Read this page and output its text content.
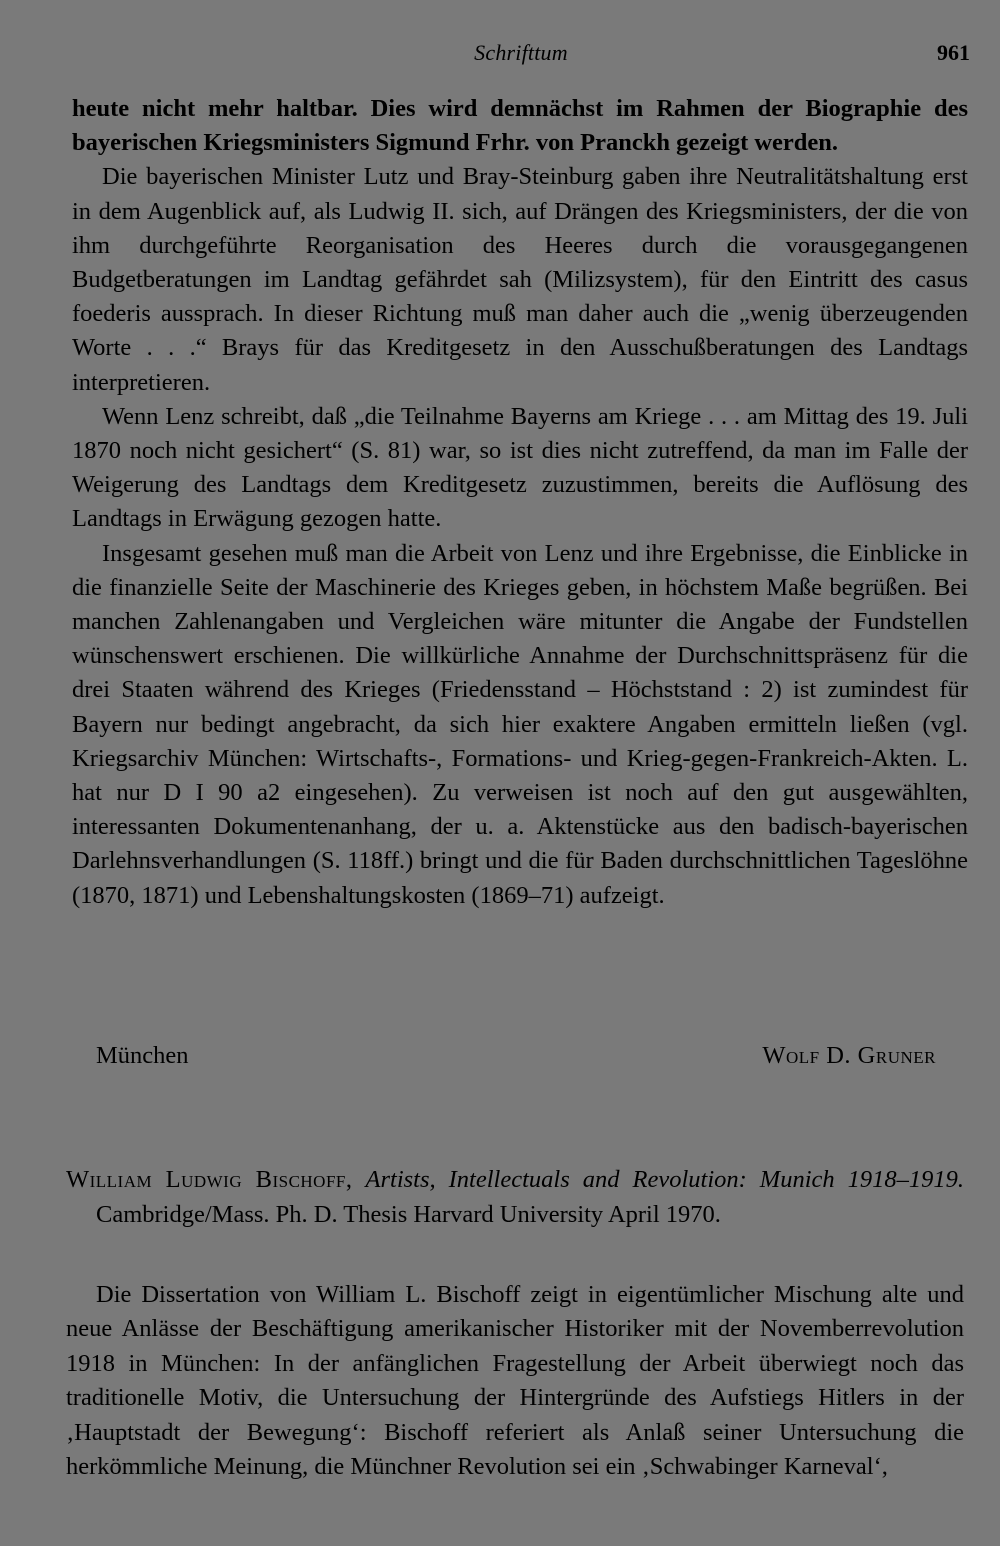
Schrifttum	961

heute nicht mehr haltbar. Dies wird demnächst im Rahmen der Biographie des bayerischen Kriegsministers Sigmund Frhr. von Pranckh gezeigt werden.

Die bayerischen Minister Lutz und Bray-Steinburg gaben ihre Neutralitätshaltung erst in dem Augenblick auf, als Ludwig II. sich, auf Drängen des Kriegsministers, der die von ihm durchgeführte Reorganisation des Heeres durch die vorausgegangenen Budgetberatungen im Landtag gefährdet sah (Milizsystem), für den Eintritt des casus foederis aussprach. In dieser Richtung muß man daher auch die „wenig überzeugenden Worte . . .“ Brays für das Kreditgesetz in den Ausschußberatungen des Landtags interpretieren.

Wenn Lenz schreibt, daß „die Teilnahme Bayerns am Kriege . . . am Mittag des 19. Juli 1870 noch nicht gesichert“ (S. 81) war, so ist dies nicht zutreffend, da man im Falle der Weigerung des Landtags dem Kreditgesetz zuzustimmen, bereits die Auflösung des Landtags in Erwägung gezogen hatte.

Insgesamt gesehen muß man die Arbeit von Lenz und ihre Ergebnisse, die Einblicke in die finanzielle Seite der Maschinerie des Krieges geben, in höchstem Maße begrüßen. Bei manchen Zahlenangaben und Vergleichen wäre mitunter die Angabe der Fundstellen wünschenswert erschienen. Die willkürliche Annahme der Durchschnittspräsenz für die drei Staaten während des Krieges (Friedensstand – Höchststand : 2) ist zumindest für Bayern nur bedingt angebracht, da sich hier exaktere Angaben ermitteln ließen (vgl. Kriegsarchiv München: Wirtschafts-, Formations- und Krieg-gegen-Frankreich-Akten. L. hat nur D I 90 a2 eingesehen). Zu verweisen ist noch auf den gut ausgewählten, interessanten Dokumentenanhang, der u. a. Aktenstücke aus den badisch-bayerischen Darlehnsverhandlungen (S. 118ff.) bringt und die für Baden durchschnittlichen Tageslöhne (1870, 1871) und Lebenshaltungskosten (1869–71) aufzeigt.

München	Wolf D. Gruner
William Ludwig Bischoff, Artists, Intellectuals and Revolution: Munich 1918–1919. Cambridge/Mass. Ph. D. Thesis Harvard University April 1970.

Die Dissertation von William L. Bischoff zeigt in eigentümlicher Mischung alte und neue Anlässe der Beschäftigung amerikanischer Historiker mit der Novemberrevolution 1918 in München: In der anfänglichen Fragestellung der Arbeit überwiegt noch das traditionelle Motiv, die Untersuchung der Hintergründe des Aufstiegs Hitlers in der ‚Hauptstadt der Bewegung‘: Bischoff referiert als Anlaß seiner Untersuchung die herkömmliche Meinung, die Münchner Revolution sei ein ‚Schwabinger Karneval‘,
